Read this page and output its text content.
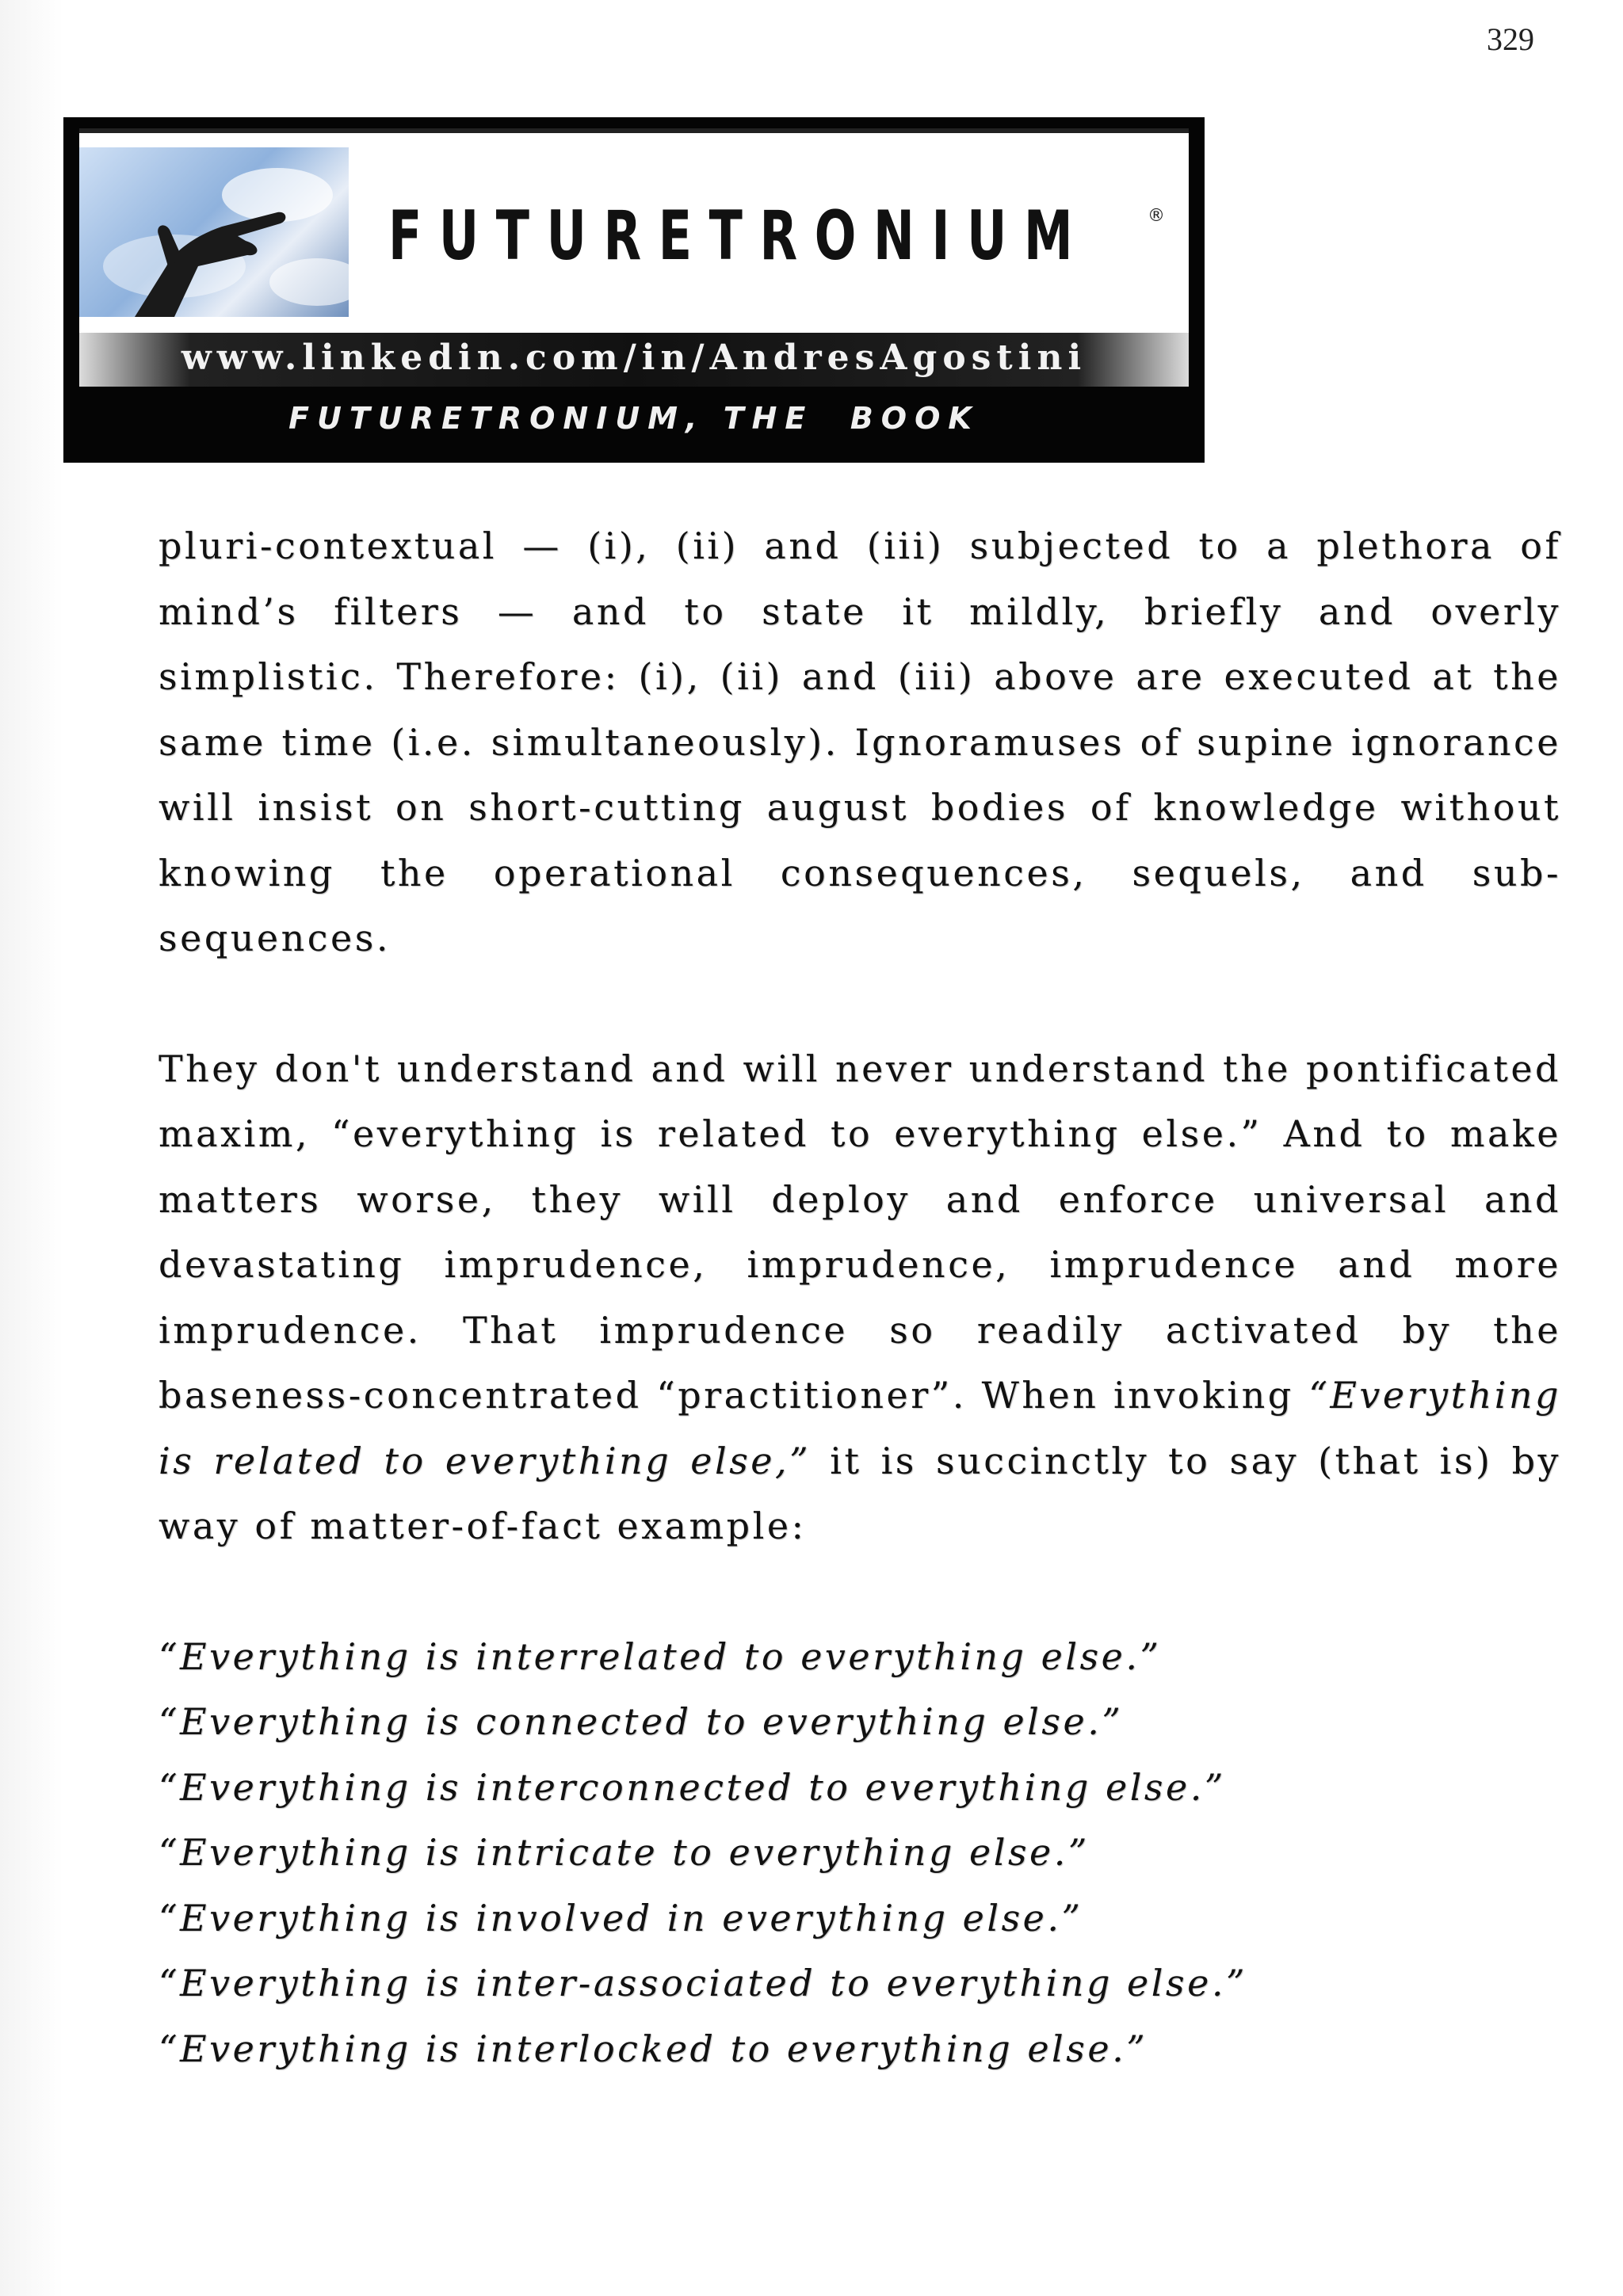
329
FUTURETRONIUM	®
www.linkedin.com/in/AndresAgostini
FUTURETRONIUM, THE  BOOK

pluri-contextual — (i), (ii) and (iii) subjected to a plethora of mind’s filters — and to state it mildly, briefly and overly simplistic. Therefore: (i), (ii) and (iii) above are executed at the same time (i.e. simultaneously). Ignoramuses of supine ignorance will insist on short-cutting august bodies of knowledge without knowing the operational consequences, sequels, and sub-sequences.

They don't understand and will never understand the pontificated maxim, “everything is related to everything else.” And to make matters worse, they will deploy and enforce universal and devastating imprudence, imprudence, imprudence and more imprudence. That imprudence so readily activated by the baseness-concentrated “practitioner”. When invoking “Everything is related to everything else,” it is succinctly to say (that is) by way of matter-of-fact example:

“Everything is interrelated to everything else.”
“Everything is connected to everything else.”
“Everything is interconnected to everything else.”
“Everything is intricate to everything else.”
“Everything is involved in everything else.”
“Everything is inter-associated to everything else.”
“Everything is interlocked to everything else.”
